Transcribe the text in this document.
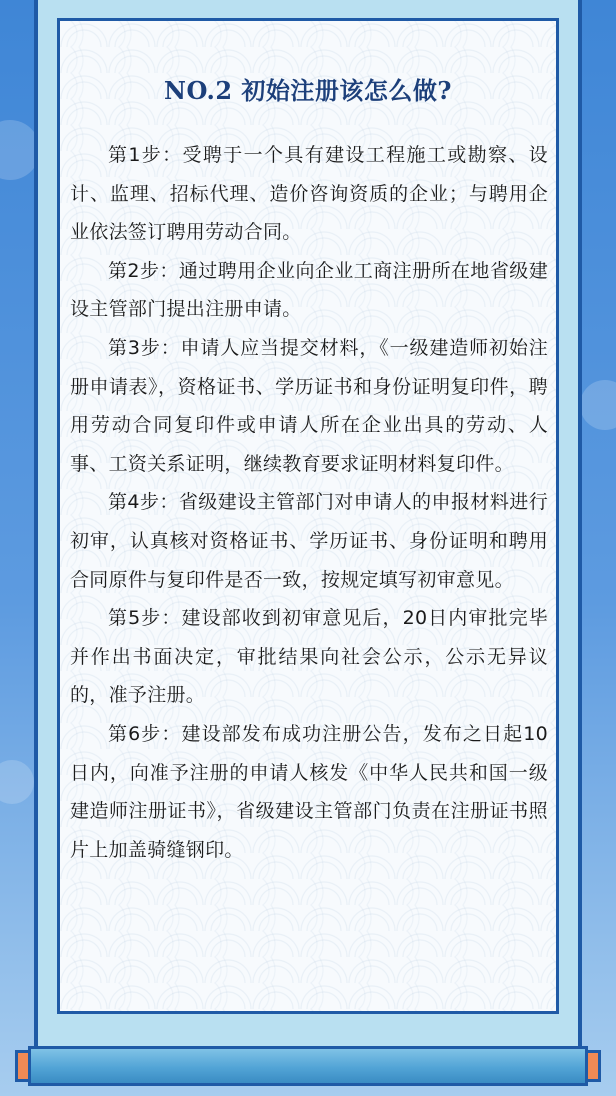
NO.2 初始注册该怎么做?

第1步：受聘于一个具有建设工程施工或勘察、设计、监理、招标代理、造价咨询资质的企业；与聘用企业依法签订聘用劳动合同。

第2步：通过聘用企业向企业工商注册所在地省级建设主管部门提出注册申请。

第3步：申请人应当提交材料，《一级建造师初始注册申请表》，资格证书、学历证书和身份证明复印件，聘用劳动合同复印件或申请人所在企业出具的劳动、人事、工资关系证明，继续教育要求证明材料复印件。

第4步：省级建设主管部门对申请人的申报材料进行初审，认真核对资格证书、学历证书、身份证明和聘用合同原件与复印件是否一致，按规定填写初审意见。

第5步：建设部收到初审意见后，20日内审批完毕并作出书面决定，审批结果向社会公示，公示无异议的，准予注册。

第6步：建设部发布成功注册公告，发布之日起10日内，向准予注册的申请人核发《中华人民共和国一级建造师注册证书》，省级建设主管部门负责在注册证书照片上加盖骑缝钢印。
